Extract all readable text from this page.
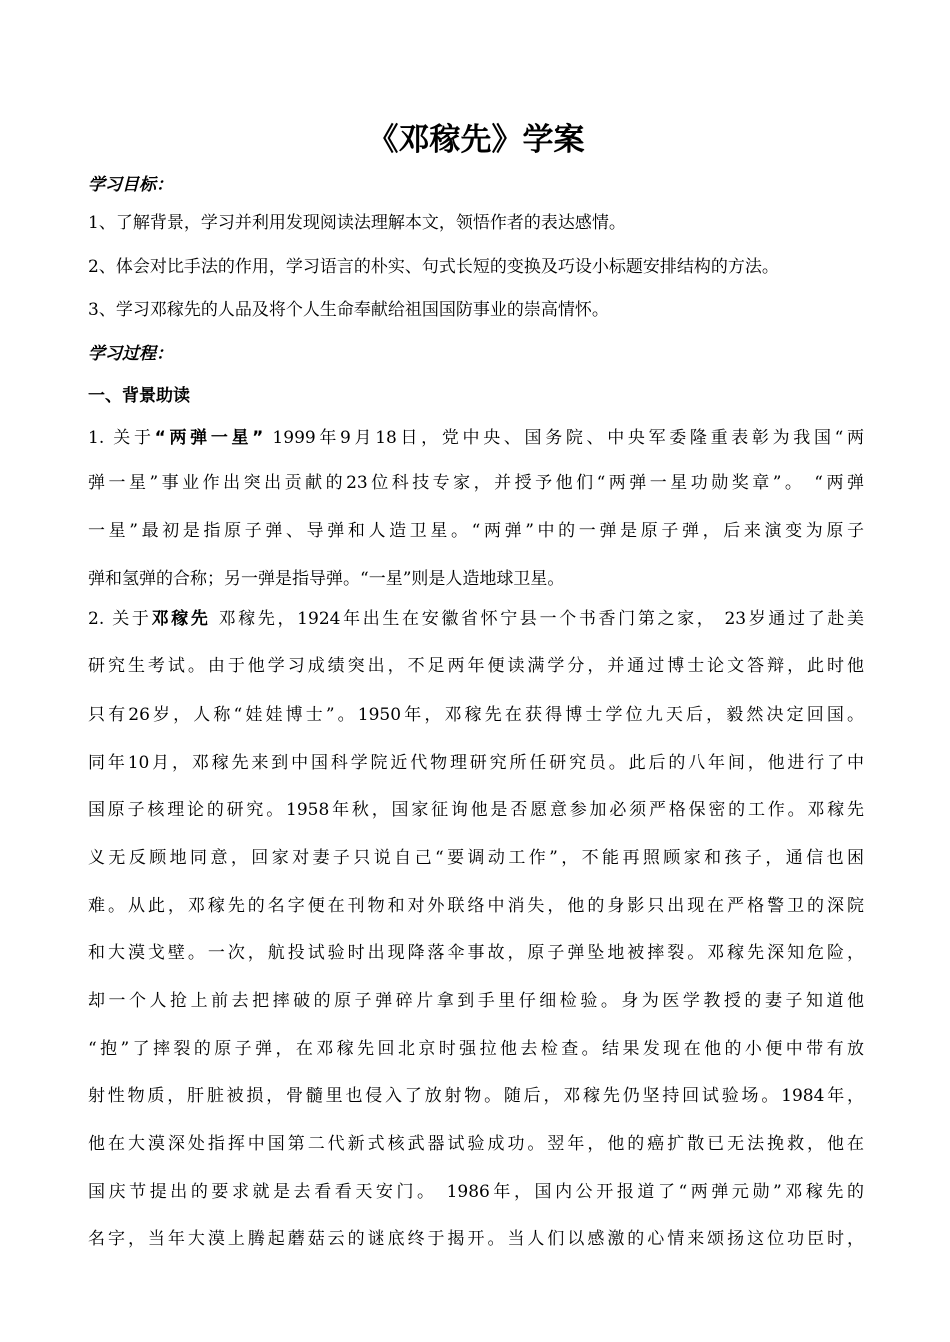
《邓稼先》学案
学习目标：
1、了解背景，学习并利用发现阅读法理解本文，领悟作者的表达感情。
2、体会对比手法的作用，学习语言的朴实、句式长短的变换及巧设小标题安排结构的方法。
3、学习邓稼先的人品及将个人生命奉献给祖国国防事业的崇高情怀。
学习过程：
一、背景助读
1. 关于“两弹一星” 1999年9月18日，党中央、国务院、中央军委隆重表彰为我国“两
弹一星”事业作出突出贡献的23位科技专家，并授予他们“两弹一星功勋奖章”。 “两弹
一星”最初是指原子弹、导弹和人造卫星。“两弹”中的一弹是原子弹，后来演变为原子
弹和氢弹的合称；另一弹是指导弹。“一星”则是人造地球卫星。
2. 关于邓稼先 邓稼先，1924年出生在安徽省怀宁县一个书香门第之家， 23岁通过了赴美
研究生考试。由于他学习成绩突出，不足两年便读满学分，并通过博士论文答辩，此时他
只有26岁，人称“娃娃博士”。1950年，邓稼先在获得博士学位九天后，毅然决定回国。
同年10月，邓稼先来到中国科学院近代物理研究所任研究员。此后的八年间，他进行了中
国原子核理论的研究。1958年秋，国家征询他是否愿意参加必须严格保密的工作。邓稼先
义无反顾地同意，回家对妻子只说自己“要调动工作”，不能再照顾家和孩子，通信也困
难。从此，邓稼先的名字便在刊物和对外联络中消失，他的身影只出现在严格警卫的深院
和大漠戈壁。一次，航投试验时出现降落伞事故，原子弹坠地被摔裂。邓稼先深知危险，
却一个人抢上前去把摔破的原子弹碎片拿到手里仔细检验。身为医学教授的妻子知道他
“抱”了摔裂的原子弹，在邓稼先回北京时强拉他去检查。结果发现在他的小便中带有放
射性物质，肝脏被损，骨髓里也侵入了放射物。随后，邓稼先仍坚持回试验场。1984年，
他在大漠深处指挥中国第二代新式核武器试验成功。翌年，他的癌扩散已无法挽救，他在
国庆节提出的要求就是去看看天安门。 1986年，国内公开报道了“两弹元勋”邓稼先的
名字，当年大漠上腾起蘑菇云的谜底终于揭开。当人们以感激的心情来颂扬这位功臣时，
